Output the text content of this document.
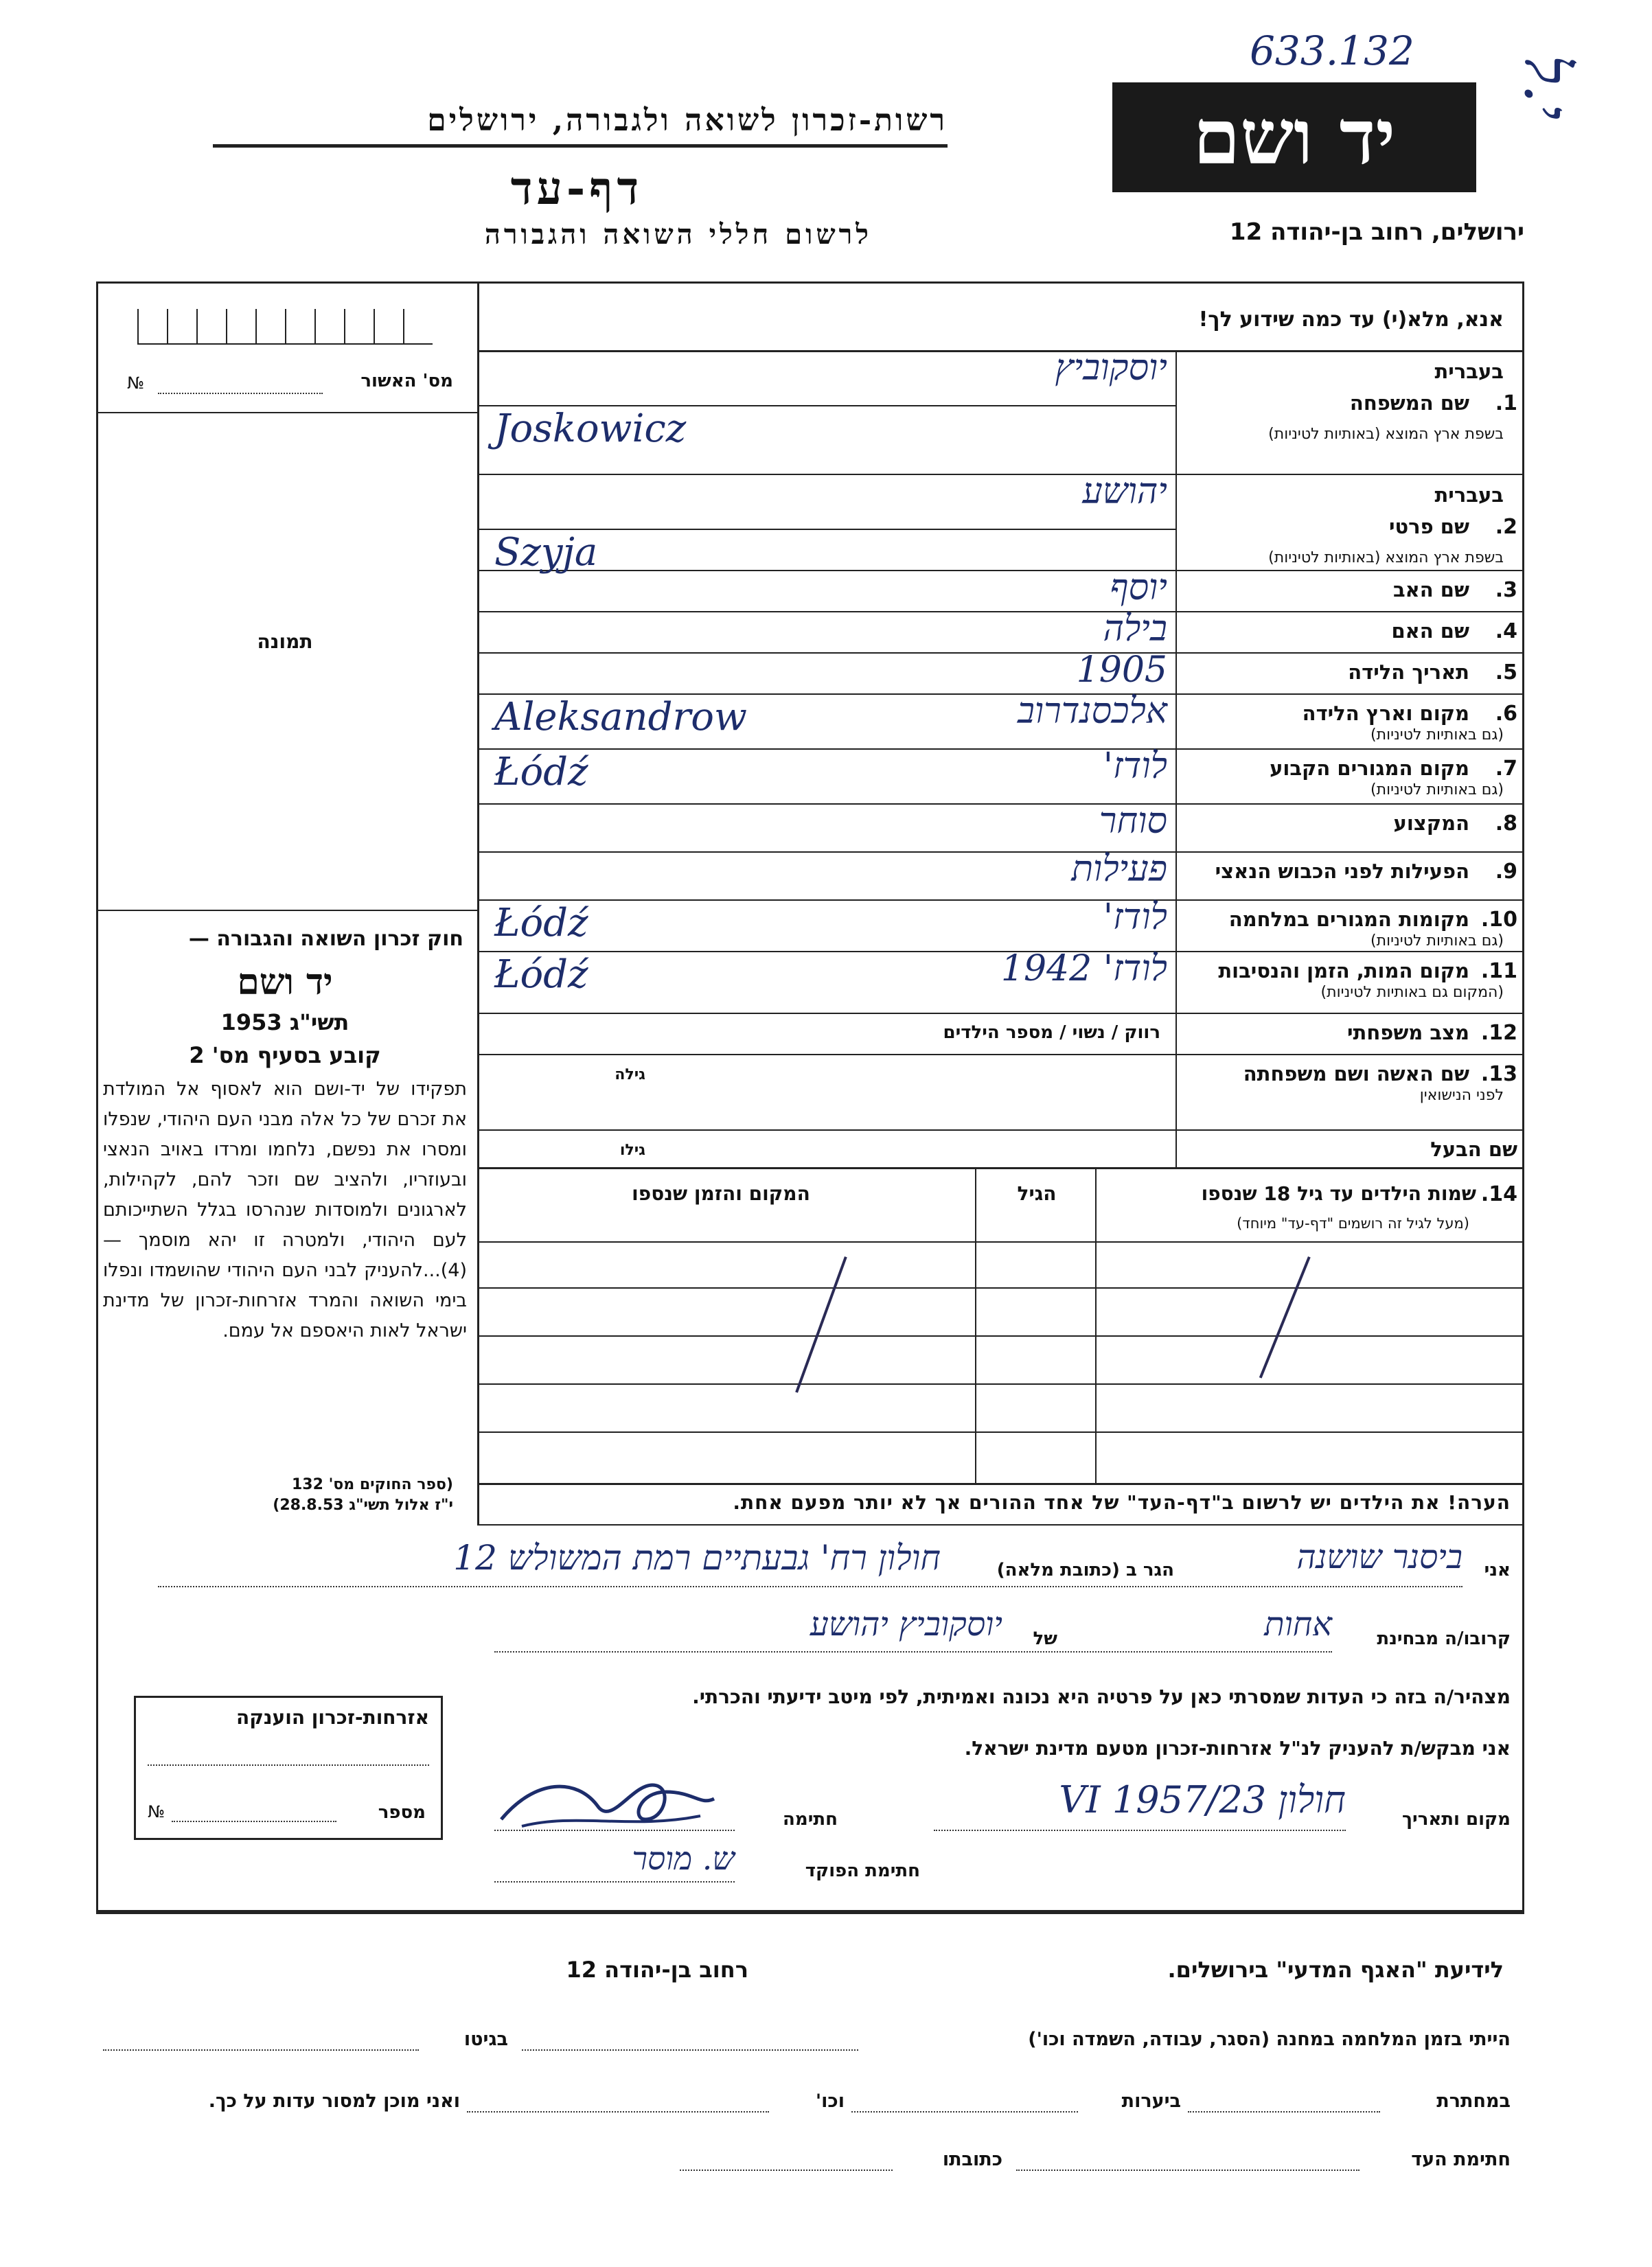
633.132
י.ל
רשות-זכרון לשואה ולגבורה, ירושלים
דף-עד
לרשום חללי השואה והגבורה
יד ושם
ירושלים, רחוב בן-יהודה 12
מס' האשור
№
תמונה
חוק זכרון השואה והגבורה —
יד ושם
תשי"ג 1953
קובע בסעיף מס' 2
תפקידו של יד-ושם הוא לאסוף אל המולדת את זכרם של כל אלה מבני העם היהודי, שנפלו ומסרו את נפשם, נלחמו ומרדו באויב הנאצי ובעוזריו, ולהציב שם וזכר להם, לקהילות, לארגונים ולמוסדות שנהרסו בגלל השתייכותם לעם היהודי, ולמטרה זו יהא מוסמך — (4)...להעניק לבני העם היהודי שהושמדו ונפלו בימי השואה והמרד אזרחות-זכרון של מדינת ישראל לאות היאספם אל עמם.
(ספר החוקים מס' 132
י"ז אלול תשי"ג 28.8.53)
אנא, מלא(י) עד כמה שידוע לך!
1.
שם המשפחה
בשפת ארץ המוצא (באותיות לטיניות)
בעברית
יוסקוביץ
Joskowicz
2.
שם פרטי
בשפת ארץ המוצא (באותיות לטיניות)
בעברית
יהושע
Szyja
3.
שם האב
יוסף
4.
שם האם
בילה
5.
תאריך הלידה
1905
6.
מקום וארץ הלידה
(גם באותיות לטיניות)
אלכסנדרוב
Aleksandrow
7.
מקום המגורים הקבוע
(גם באותיות לטיניות)
לודז'
Łódź
8.
המקצוע
סוחר
9.
הפעילות לפני הכבוש הנאצי
פעילות
10.
מקומות המגורים במלחמה
(גם באותיות לטיניות)
לודז'
Łódź
11.
מקום המות, הזמן והנסיבות
(המקום גם באותיות לטיניות)
לודז' 1942
Łódź
12.
מצב משפחתי
רווק / נשוי / מספר הילדים
13.
שם האשה ושם משפחתה
לפני הנישואין
גילה
שם הבעל
גילו
14.
שמות הילדים עד גיל 18 שנספו
(מעל לגיל זה רושמים "דף-עד" מיוחד)
הגיל
המקום והזמן שנספו
הערה! את הילדים יש לרשום ב"דף-העד" של אחד ההורים אך לא יותר מפעם אחת.
אני
ביסנר שושנה
הגר ב (כתובת מלאה)
חולון רח' גבעתיים רמת המשולש 12
קרובו/ה מבחינת
אחות
של
יוסקוביץ יהושע
מצהיר/ה בזה כי העדות שמסרתי כאן על פרטיה היא נכונה ואמיתית, לפי מיטב ידיעתי והכרתי.
אני מבקש/ת להעניק לנ"ל אזרחות-זכרון מטעם מדינת ישראל.
מקום ותאריך
חולון 23/VI 1957
חתימה
חתימת הפוקד
ש. מוסר
אזרחות-זכרון הוענקה
מספר
№
לידיעת "האגף המדעי" בירושלים.
רחוב בן-יהודה 12
הייתי בזמן המלחמה במחנה (הסגר, עבודה, השמדה וכו')
בגיטו
במחתרת
ביערות
וכו'
ואני מוכן למסור עדות על כך.
חתימת העד
כתובתו
